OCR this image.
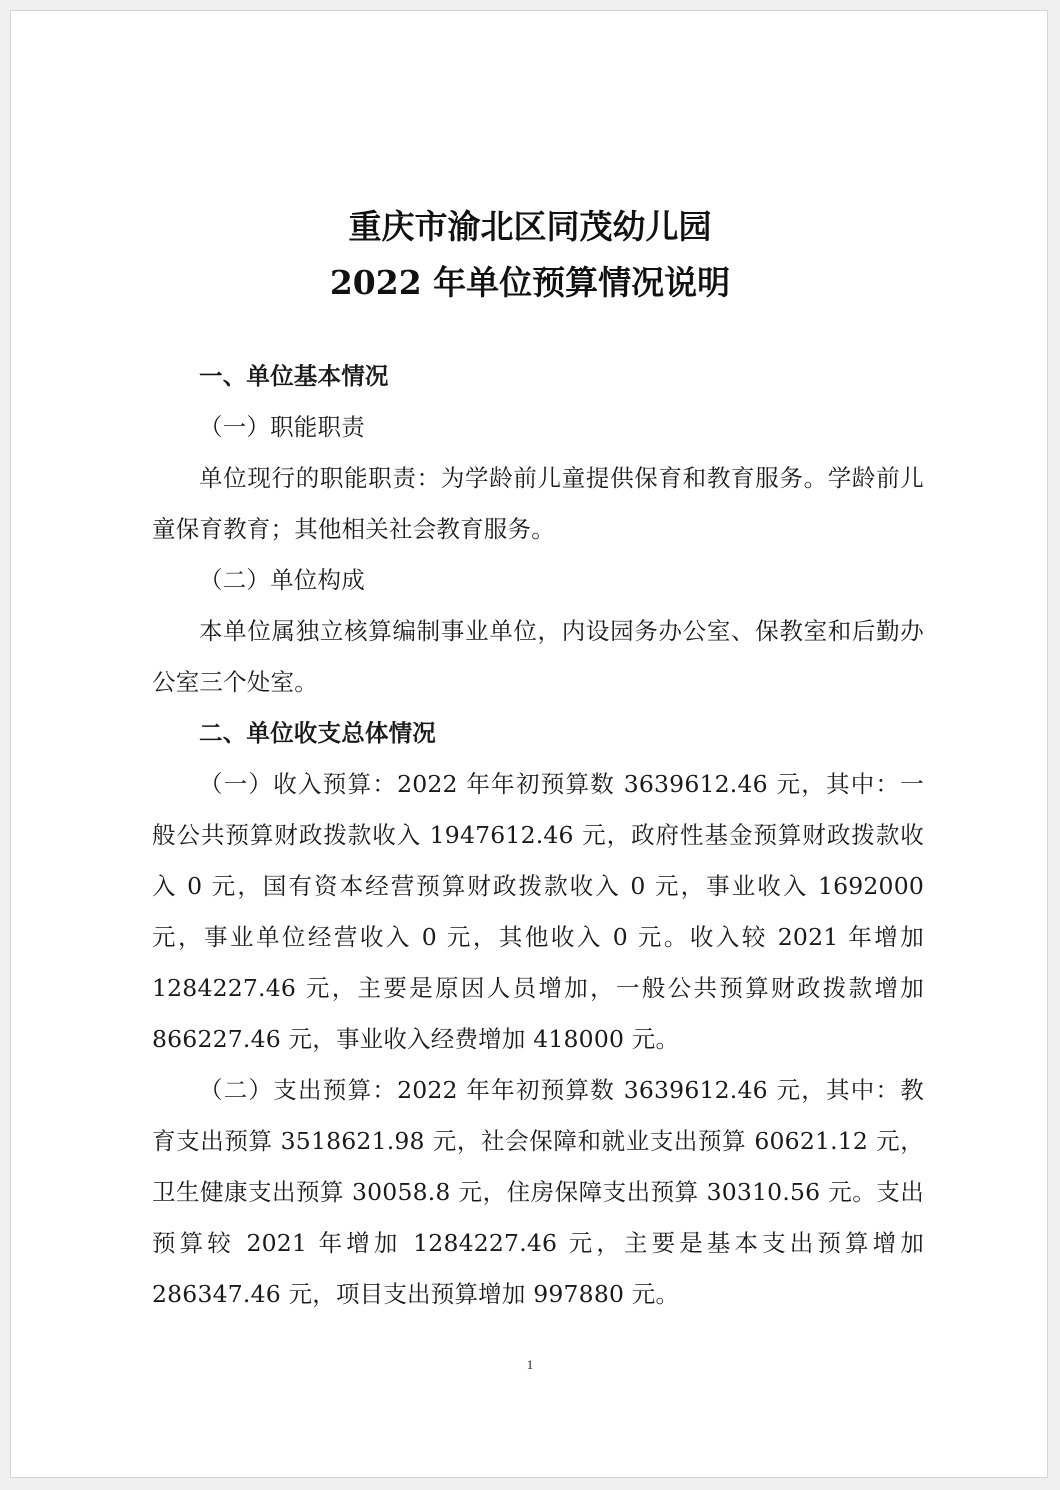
重庆市渝北区同茂幼儿园
2022 年单位预算情况说明

一、单位基本情况

（一）职能职责

单位现行的职能职责：为学龄前儿童提供保育和教育服务。学龄前儿童保育教育；其他相关社会教育服务。

（二）单位构成

本单位属独立核算编制事业单位，内设园务办公室、保教室和后勤办公室三个处室。

二、单位收支总体情况

（一）收入预算：2022 年年初预算数 3639612.46 元，其中：一般公共预算财政拨款收入 1947612.46 元，政府性基金预算财政拨款收入 0 元，国有资本经营预算财政拨款收入 0 元，事业收入 1692000 元，事业单位经营收入 0 元，其他收入 0 元。收入较 2021 年增加 1284227.46 元，主要是原因人员增加，一般公共预算财政拨款增加 866227.46 元，事业收入经费增加 418000 元。

（二）支出预算：2022 年年初预算数 3639612.46 元，其中：教育支出预算 3518621.98 元，社会保障和就业支出预算 60621.12 元，卫生健康支出预算 30058.8 元，住房保障支出预算 30310.56 元。支出预算较 2021 年增加 1284227.46 元，主要是基本支出预算增加 286347.46 元，项目支出预算增加 997880 元。

1
